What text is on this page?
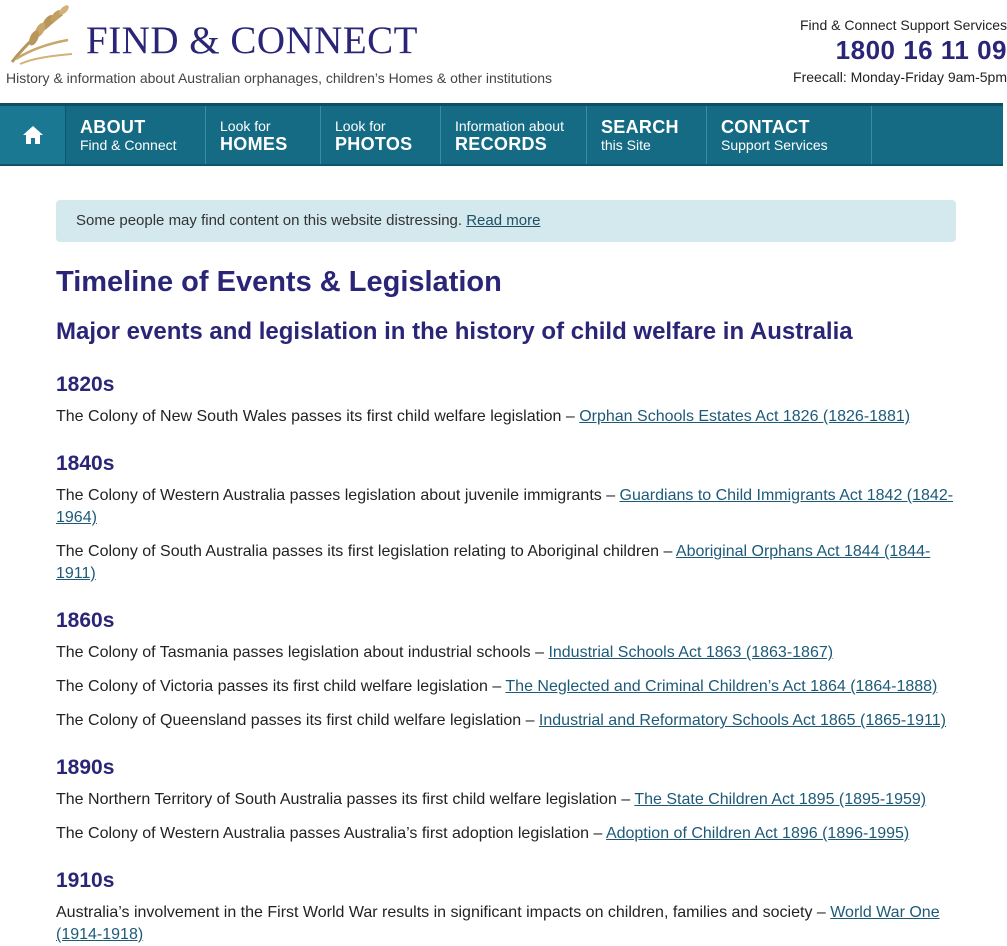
FIND & CONNECT
History & information about Australian orphanages, children’s Homes & other institutions
Find & Connect Support Services
1800 16 11 09
Freecall: Monday-Friday 9am-5pm
ABOUT
Find & Connect
Look for
HOMES
Look for
PHOTOS
Information about
RECORDS
SEARCH
this Site
CONTACT
Support Services
Some people may find content on this website distressing. Read more
Timeline of Events & Legislation
Major events and legislation in the history of child welfare in Australia
1820s

The Colony of New South Wales passes its first child welfare legislation – Orphan Schools Estates Act 1826 (1826-1881)

1840s

The Colony of Western Australia passes legislation about juvenile immigrants – Guardians to Child Immigrants Act 1842 (1842-1964)

The Colony of South Australia passes its first legislation relating to Aboriginal children – Aboriginal Orphans Act 1844 (1844-1911)

1860s

The Colony of Tasmania passes legislation about industrial schools – Industrial Schools Act 1863 (1863-1867)

The Colony of Victoria passes its first child welfare legislation – The Neglected and Criminal Children’s Act 1864 (1864-1888)

The Colony of Queensland passes its first child welfare legislation – Industrial and Reformatory Schools Act 1865 (1865-1911)

1890s

The Northern Territory of South Australia passes its first child welfare legislation – The State Children Act 1895 (1895-1959)

The Colony of Western Australia passes Australia’s first adoption legislation – Adoption of Children Act 1896 (1896-1995)

1910s

Australia’s involvement in the First World War results in significant impacts on children, families and society – World War One (1914-1918)
